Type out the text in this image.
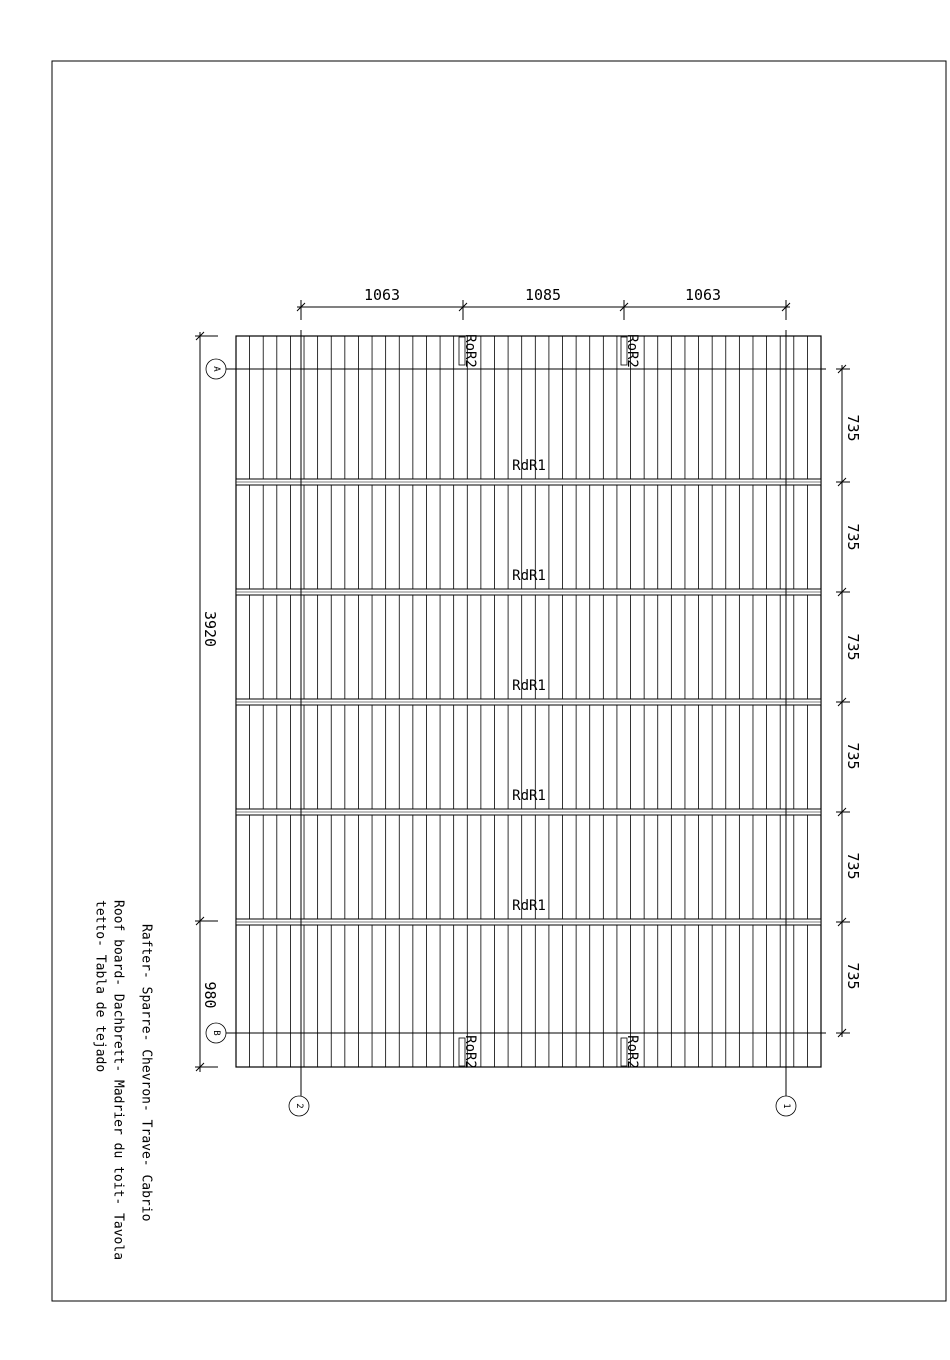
A
B
2	1
RoR2	RoR2
RoR2	RoR2
RdR1
RdR1
RdR1
RdR1
RdR1
1063	1085	1063
3920
980
735
735
735
735
735
735
Rafter- Sparre- Chevron- Trave- Cabrio
Roof board- Dachbrett- Madrier du toit- Tavola
tetto- Tabla de tejado
